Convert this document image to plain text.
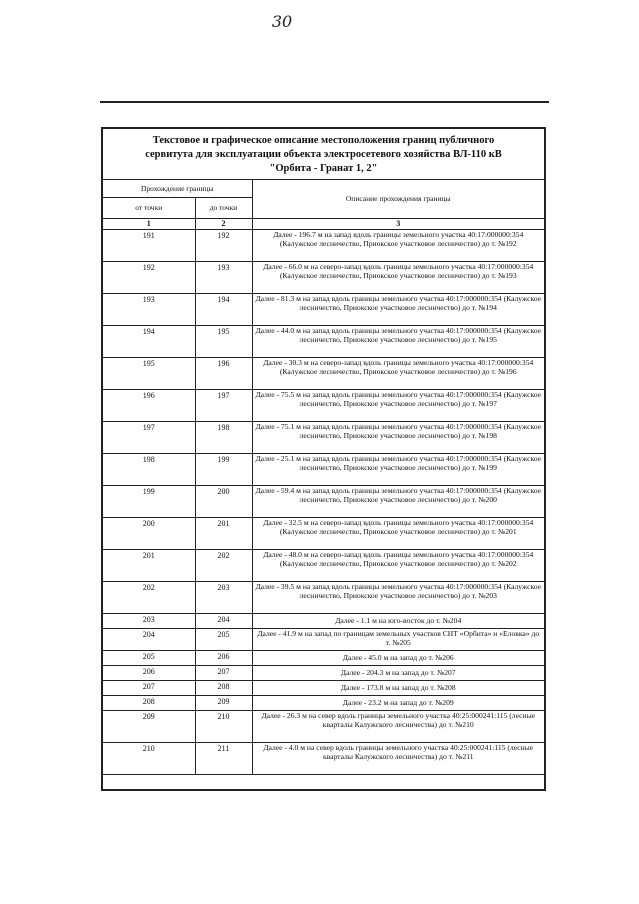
30
Текстовое и графическое описание местоположения границ публичного
сервитута для эксплуатации объекта электросетевого хозяйства ВЛ-110 кВ
"Орбита - Гранат 1, 2"
Прохождение границы		Описание прохождения границы
от точки	до точки	
1	2	3
191	192	Далее - 196.7 м на запад вдоль границы земельного участка 40:17:000000:354 (Калужское лесничество, Приокское участковое лесничество) до т. №192
192	193	Далее - 66.0 м на северо-запад вдоль границы земельного участка 40:17:000000:354 (Калужское лесничество, Приокское участковое лесничество) до т. №193
193	194	Далее - 81.3 м на запад вдоль границы земельного участка 40:17:000000:354 (Калужское лесничество, Приокское участковое лесничество) до т. №194
194	195	Далее - 44.0 м на запад вдоль границы земельного участка 40:17:000000:354 (Калужское лесничество, Приокское участковое лесничество) до т. №195
195	196	Далее - 30.3 м на северо-запад вдоль границы земельного участка 40:17:000000:354 (Калужское лесничество, Приокское участковое лесничество) до т. №196
196	197	Далее - 75.5 м на запад вдоль границы земельного участка 40:17:000000:354 (Калужское лесничество, Приокское участковое лесничество) до т. №197
197	198	Далее - 75.1 м на запад вдоль границы земельного участка 40:17:000000:354 (Калужское лесничество, Приокское участковое лесничество) до т. №198
198	199	Далее - 25.1 м на запад вдоль границы земельного участка 40:17:000000:354 (Калужское лесничество, Приокское участковое лесничество) до т. №199
199	200	Далее - 59.4 м на запад вдоль границы земельного участка 40:17:000000:354 (Калужское лесничество, Приокское участковое лесничество) до т. №200
200	201	Далее - 32.5 м на северо-запад вдоль границы земельного участка 40:17:000000:354 (Калужское лесничество, Приокское участковое лесничество) до т. №201
201	202	Далее - 48.0 м на северо-запад вдоль границы земельного участка 40:17:000000:354 (Калужское лесничество, Приокское участковое лесничество) до т. №202
202	203	Далее - 39.5 м на запад вдоль границы земельного участка 40:17:000000:354 (Калужское лесничество, Приокское участковое лесничество) до т. №203
203	204	Далее - 1.1 м на юго-восток до т. №204
204	205	Далее - 41.9 м на запад по границам земельных участков СНТ «Орбита» и «Еловка» до т. №205
205	206	Далее - 45.0 м на запад до т. №206
206	207	Далее - 204.3 м на запад до т. №207
207	208	Далее - 173.8 м на запад до т. №208
208	209	Далее - 23.2 м на запад до т. №209
209	210	Далее - 26.3 м на север вдоль границы земельного участка 40:25:000241:115 (лесные кварталы Калужского лесничества) до т. №210
210	211	Далее - 4.0 м на север вдоль границы земельного участка 40:25:000241:115 (лесные кварталы Калужского лесничества) до т. №211
